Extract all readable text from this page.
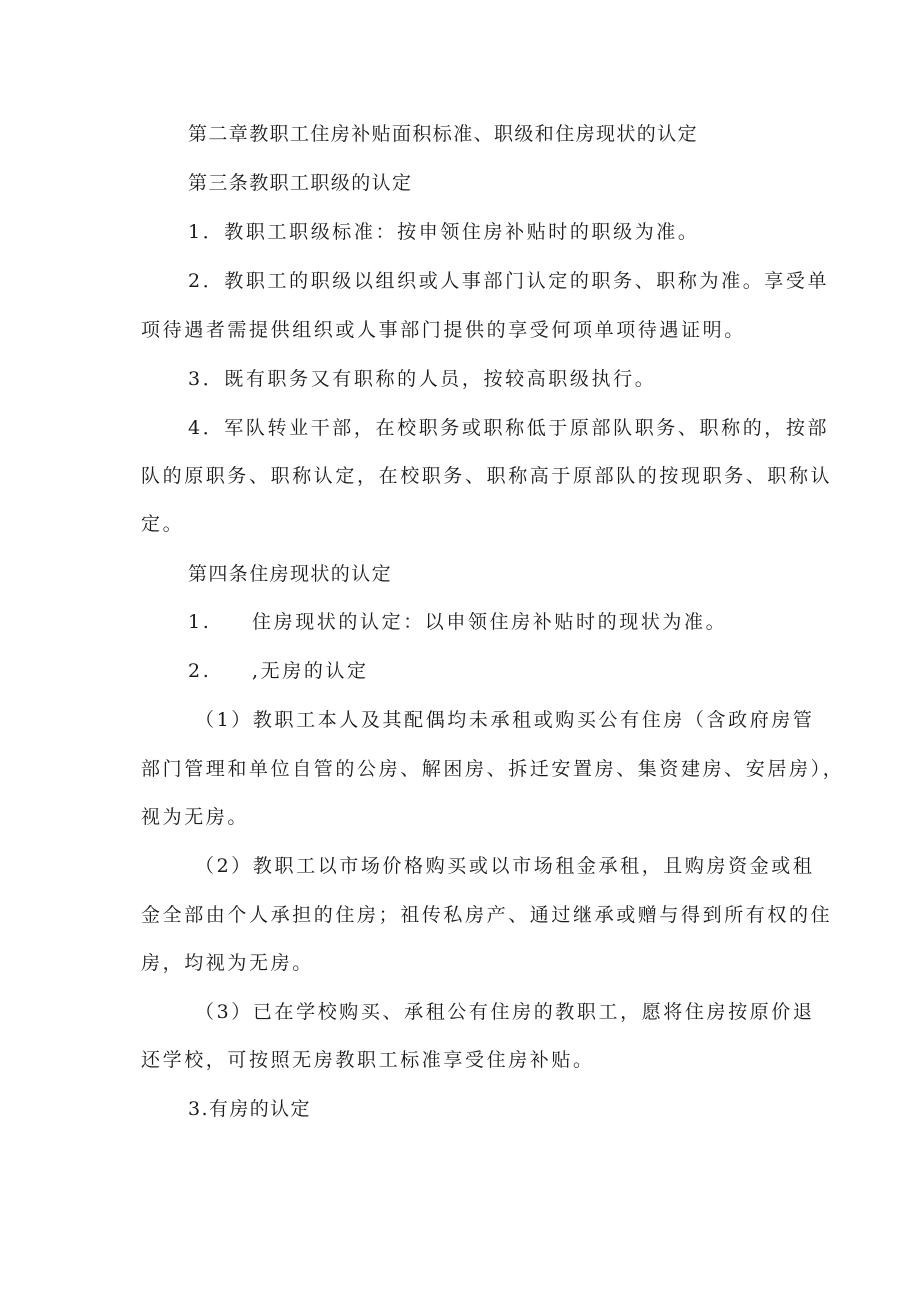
第二章教职工住房补贴面积标准、职级和住房现状的认定
第三条教职工职级的认定
1．教职工职级标准：按申领住房补贴时的职级为准。
2．教职工的职级以组织或人事部门认定的职务、职称为准。享受单
项待遇者需提供组织或人事部门提供的享受何项单项待遇证明。
3．既有职务又有职称的人员，按较高职级执行。
4．军队转业干部，在校职务或职称低于原部队职务、职称的，按部
队的原职务、职称认定，在校职务、职称高于原部队的按现职务、职称认
定。
第四条住房现状的认定
1. 住房现状的认定：以申领住房补贴时的现状为准。
2. ,无房的认定
（1）教职工本人及其配偶均未承租或购买公有住房（含政府房管
部门管理和单位自管的公房、解困房、拆迁安置房、集资建房、安居房），
视为无房。
（2）教职工以市场价格购买或以市场租金承租，且购房资金或租
金全部由个人承担的住房；祖传私房产、通过继承或赠与得到所有权的住
房，均视为无房。
（3）已在学校购买、承租公有住房的教职工，愿将住房按原价退
还学校，可按照无房教职工标准享受住房补贴。
3.有房的认定
